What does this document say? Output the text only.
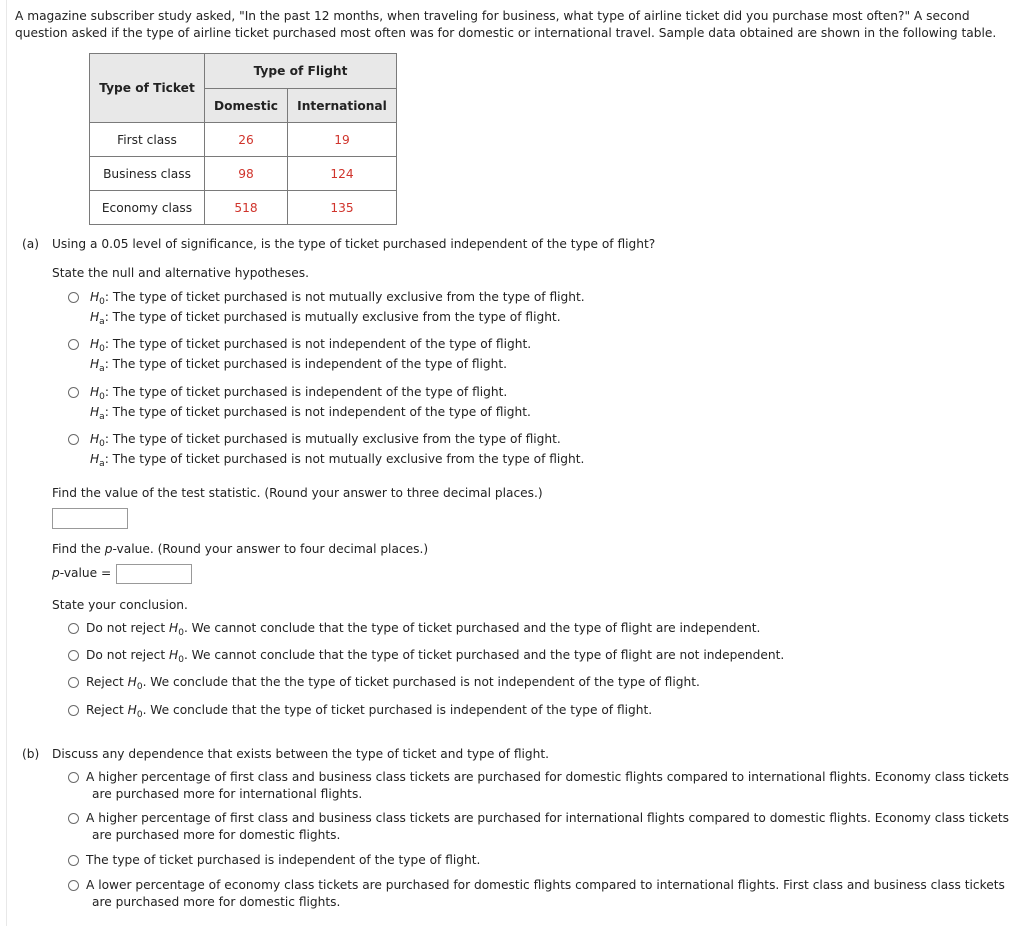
A magazine subscriber study asked, "In the past 12 months, when traveling for business, what type of airline ticket did you purchase most often?" A second question asked if the type of airline ticket purchased most often was for domestic or international travel. Sample data obtained are shown in the following table.
Type of Ticket	Type of Flight	
	Domestic	International
First class	26	19
Business class	98	124
Economy class	518	135
(a) Using a 0.05 level of significance, is the type of ticket purchased independent of the type of flight?
State the null and alternative hypotheses.
$H_0$: The type of ticket purchased is not mutually exclusive from the type of flight.
$H_a$: The type of ticket purchased is mutually exclusive from the type of flight.
$H_0$: The type of ticket purchased is not independent of the type of flight.
$H_a$: The type of ticket purchased is independent of the type of flight.
$H_0$: The type of ticket purchased is independent of the type of flight.
$H_a$: The type of ticket purchased is not independent of the type of flight.
$H_0$: The type of ticket purchased is mutually exclusive from the type of flight.
$H_a$: The type of ticket purchased is not mutually exclusive from the type of flight.
Find the value of the test statistic. (Round your answer to three decimal places.)
Find the p-value. (Round your answer to four decimal places.)
p-value =
State your conclusion.
Do not reject $H_0$. We cannot conclude that the type of ticket purchased and the type of flight are independent.
Do not reject $H_0$. We cannot conclude that the type of ticket purchased and the type of flight are not independent.
Reject $H_0$. We conclude that the the type of ticket purchased is not independent of the type of flight.
Reject $H_0$. We conclude that the type of ticket purchased is independent of the type of flight.
(b) Discuss any dependence that exists between the type of ticket and type of flight.
A higher percentage of first class and business class tickets are purchased for domestic flights compared to international flights. Economy class tickets
are purchased more for international flights.
A higher percentage of first class and business class tickets are purchased for international flights compared to domestic flights. Economy class tickets
are purchased more for domestic flights.
The type of ticket purchased is independent of the type of flight.
A lower percentage of economy class tickets are purchased for domestic flights compared to international flights. First class and business class tickets
are purchased more for domestic flights.
